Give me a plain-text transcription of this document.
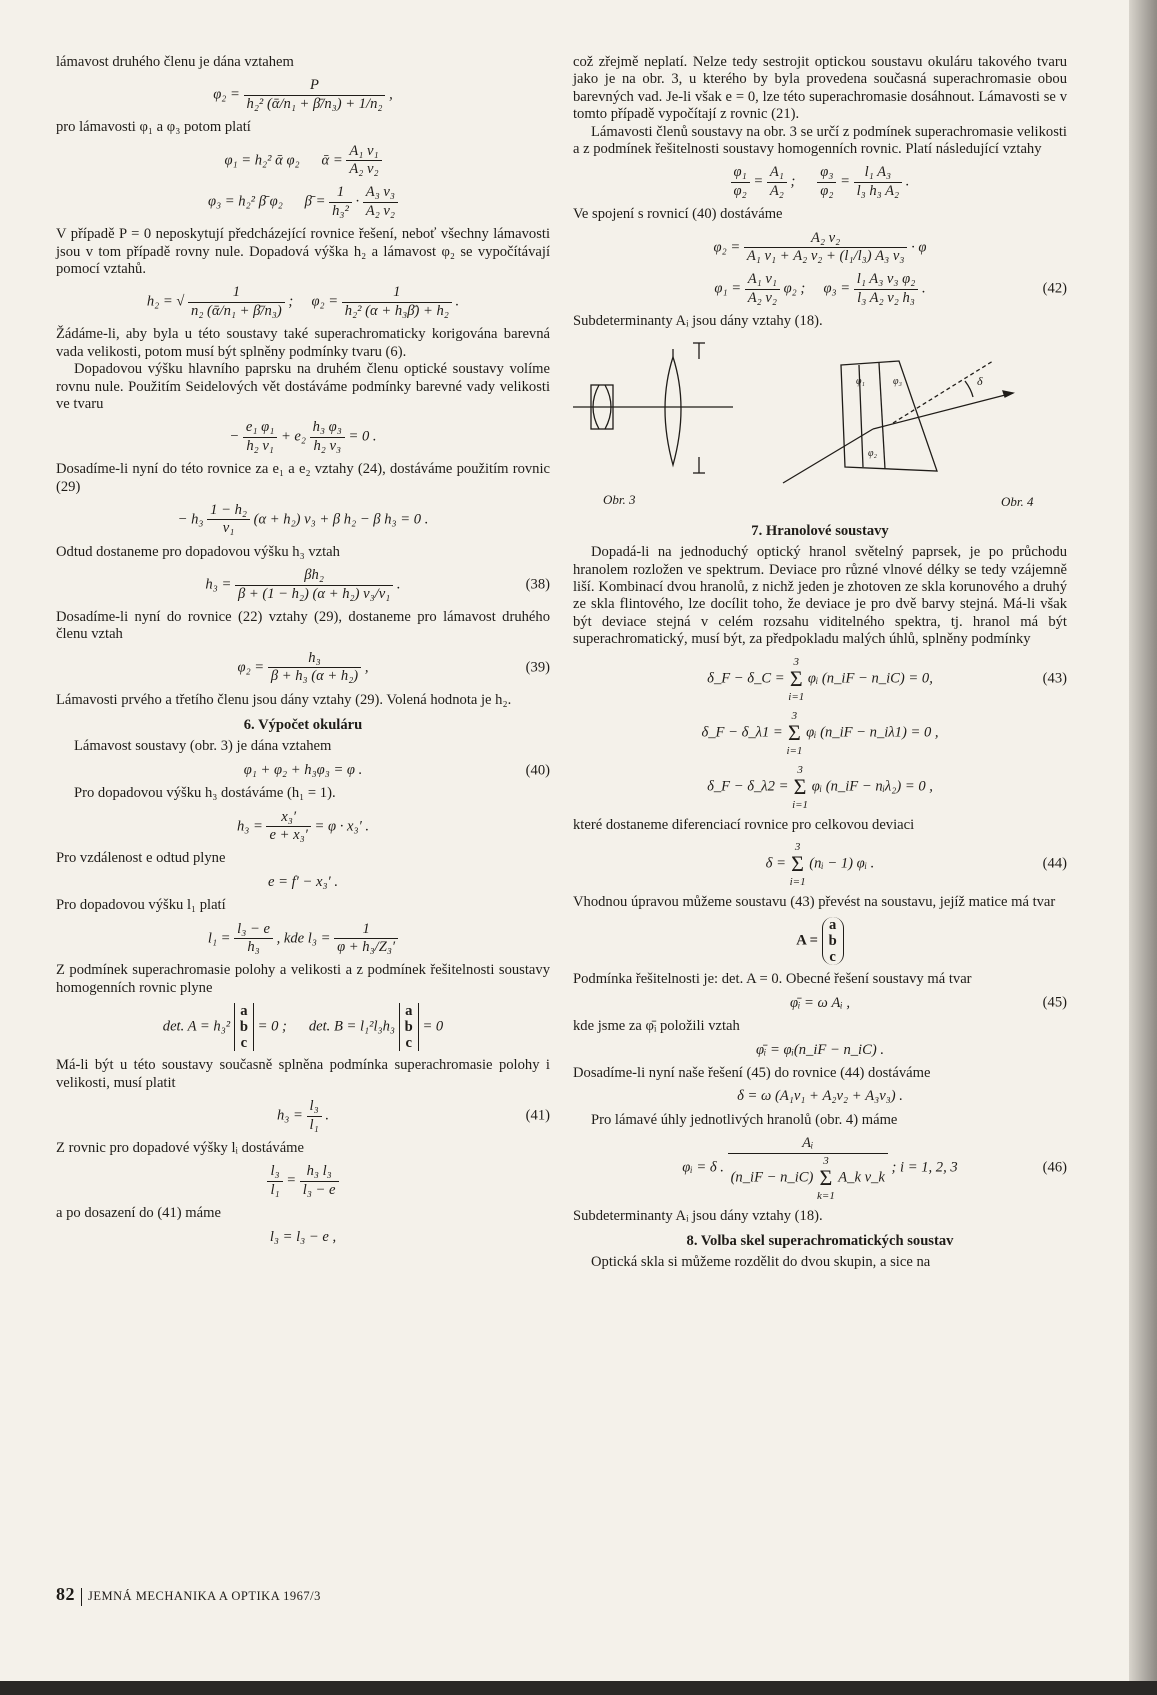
lámavost druhého členu je dána vztahem

$\varphi_2 = \frac{P}{\text{h₂² (ᾱ/n₁ + β̄/n₃) + 1/n₂}}$ ,

pro lámavosti φ₁ a φ₃ potom platí

φ₁ = h₂² ᾱ φ₂ ᾱ = $\frac{\text{A₁ ν₁}}{\text{A₂ ν₂}}$
φ₃ = h₂² β̄ φ₂ β̄ = $\frac{1}{\text{h₃²}} \cdot \frac{\text{A₃ ν₃}}{\text{A₂ ν₂}}$

V případě P = 0 neposkytují předcházející rovnice řešení, neboť všechny lámavosti jsou v tom případě rovny nule. Dopadová výška h₂ a lámavost φ₂ se vypočítávají pomocí vztahů.

h₂ = √ $\frac{1}{\text{n₂ (ᾱ/n₁ + β̄/n₃)}}$ ; $\varphi_2 = \frac{1}{\text{h₂² (α + h₃β̄) + h₂}}$ .

Žádáme-li, aby byla u této soustavy také superachromaticky korigována barevná vada velikosti, potom musí být splněny podmínky tvaru (6).

Dopadovou výšku hlavního paprsku na druhém členu optické soustavy volíme rovnu nule. Použitím Seidelových vět dostáváme podmínky barevné vady velikosti ve tvaru

− $\frac{\text{e₁ φ₁}}{\text{h₂ ν₁}} + e_2 \frac{\text{h₃ φ₃}}{\text{h₂ ν₃}} = 0$ .

Dosadíme-li nyní do této rovnice za e₁ a e₂ vztahy (24), dostáváme použitím rovnic (29)

− $h_3 \frac{\text{1 − h₂}}{\text{ν₁}} (\alpha + h_2) \nu_3 + \beta$ h₂ − β h₃ = 0 .

Odtud dostaneme pro dopadovou výšku h₃ vztah

$h_3 = \frac{\text{βh₂}}{\text{β + (1 − h₂) (α + h₂) ν₃/ν₁}}$ .	(38)

Dosadíme-li nyní do rovnice (22) vztahy (29), dostaneme pro lámavost druhého členu vztah

$\varphi_2 = \frac{\text{h₃}}{\text{β + h₃ (α + h₂)}}$ ,	(39)

Lámavosti prvého a třetího členu jsou dány vztahy (29). Volená hodnota je h₂.

6. Výpočet okuláru

Lámavost soustavy (obr. 3) je dána vztahem

φ₁ + φ₂ + h₃φ₃ = φ .	(40)

Pro dopadovou výšku h₃ dostáváme (h₁ = 1).

$h_3 = \frac{\text{x₃′}}{\text{e + x₃′}} = \varphi \cdot x_3'$ .

Pro vzdálenost e odtud plyne

e = f′ − x₃′ .

Pro dopadovou výšku l₁ platí

$l_1 = \frac{\text{l₃ − e}}{\text{h₃}}$ , kde $l_3 = \frac{1}{\text{φ + h₃/Z₃′}}$

Z podmínek superachromasie polohy a velikosti a z podmínek řešitelnosti soustavy homogenních rovnic plyne

det. A = h₃² a
b
c = 0 ; det. B = l₁²l₃h₃ a
b
c = 0

Má-li být u této soustavy současně splněna podmínka superachromasie polohy i velikosti, musí platit

$h_3 = \frac{\text{l₃}}{\text{l₁}}$ .	(41)

Z rovnic pro dopadové výšky lᵢ dostáváme

$\frac{\text{l₃}}{\text{l₁}} = \frac{\text{h₃ l₃}}{\text{l₃ − e}}$

a po dosazení do (41) máme

l₃ = l₃ − e ,

což zřejmě neplatí. Nelze tedy sestrojit optickou soustavu okuláru takového tvaru jako je na obr. 3, u kterého by byla provedena současná superachromasie obou barevných vad. Je-li však e = 0, lze této superachromasie dosáhnout. Lámavosti se v tomto případě vypočítají z rovnic (21).

Lámavosti členů soustavy na obr. 3 se určí z podmínek superachromasie velikosti a z podmínek řešitelnosti soustavy homogenních rovnic. Platí následující vztahy

$\frac{\text{φ₁}}{\text{φ₂}} = \frac{\text{A₁}}{\text{A₂}}$ ; $\frac{\text{φ₃}}{\text{φ₂}} = \frac{\text{l₁ A₃}}{\text{l₃ h₃ A₂}}$ .

Ve spojení s rovnicí (40) dostáváme

$\varphi_2 = \frac{\text{A₂ ν₂}}{\text{A₁ ν₁ + A₂ ν₂ + (l₁/l₃) A₃ ν₃}} \cdot \varphi$
$\varphi_1 = \frac{\text{A₁ ν₁}}{\text{A₂ ν₂}} \varphi_2$ ; $\varphi_3 = \frac{\text{l₁ A₃ ν₃ φ₂}}{\text{l₃ A₂ ν₂ h₃}}$ .	(42)

Subdeterminanty Aᵢ jsou dány vztahy (18).

Obr. 3	Obr. 4
φ₁	φ₃
φ₂
δ
7. Hranolové soustavy

Dopadá-li na jednoduchý optický hranol světelný paprsek, je po průchodu hranolem rozložen ve spektrum. Deviace pro různé vlnové délky se tedy vzájemně liší. Kombinací dvou hranolů, z nichž jeden je zhotoven ze skla korunového a druhý ze skla flintového, lze docílit toho, že deviace je pro dvě barvy stejná. Má-li však být deviace stejná v celém rozsahu viditelného spektra, tj. hranol má být superachromatický, musí být, za předpokladu malých úhlů, splněny podmínky

δ_F − δ_C = 3
Σ
i=1 φᵢ (n_iF − n_iC) = 0,	(43)
δ_F − δ_λ1 = 3
Σ
i=1 φᵢ (n_iF − n_iλ1) = 0 ,
δ_F − δ_λ2 = 3
Σ
i=1 φᵢ (n_iF − nᵢλ₂) = 0 ,

které dostaneme diferenciací rovnice pro celkovou deviaci

δ = 3
Σ
i=1 (nᵢ − 1) φᵢ .	(44)

Vhodnou úpravou můžeme soustavu (43) převést na soustavu, jejíž matice má tvar

A = a
b
c

Podmínka řešitelnosti je: det. A = 0. Obecné řešení soustavy má tvar

φ̄ᵢ = ω Aᵢ ,	(45)

kde jsme za φ̄ᵢ položili vztah

φ̄ᵢ = φᵢ(n_iF − n_iC) .

Dosadíme-li nyní naše řešení (45) do rovnice (44) dostáváme

δ = ω (A₁ν₁ + A₂ν₂ + A₃ν₃) .

Pro lámavé úhly jednotlivých hranolů (obr. 4) máme

φᵢ = δ .
Aᵢ
(n_iF − n_iC) 3
Σ
k=1 A_k ν_k
; i = 1, 2, 3	(46)

Subdeterminanty Aᵢ jsou dány vztahy (18).

8. Volba skel superachromatických soustav

Optická skla si můžeme rozdělit do dvou skupin, a sice na

82 JEMNÁ MECHANIKA A OPTIKA 1967/3
